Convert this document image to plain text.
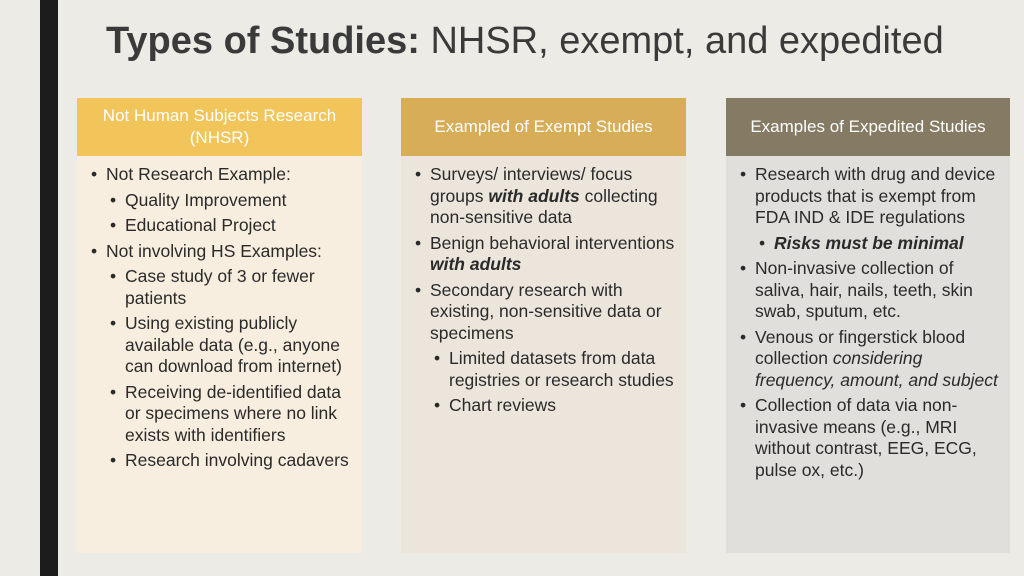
Types of Studies: NHSR, exempt, and expedited
Not Human Subjects Research (NHSR)
• Not Research Example:
• Quality Improvement
• Educational Project
• Not involving HS Examples:
• Case study of 3 or fewer patients
• Using existing publicly available data (e.g., anyone can download from internet)
• Receiving de-identified data or specimens where no link exists with identifiers
• Research involving cadavers
Exampled of Exempt Studies
• Surveys/ interviews/ focus groups with adults collecting non-sensitive data
• Benign behavioral interventions with adults
• Secondary research with existing, non-sensitive data or specimens
• Limited datasets from data registries or research studies
• Chart reviews
Examples of Expedited Studies
• Research with drug and device products that is exempt from FDA IND & IDE regulations
• Risks must be minimal
• Non-invasive collection of saliva, hair, nails, teeth, skin swab, sputum, etc.
• Venous or fingerstick blood collection considering frequency, amount, and subject
• Collection of data via non-invasive means (e.g., MRI without contrast, EEG, ECG, pulse ox, etc.)
